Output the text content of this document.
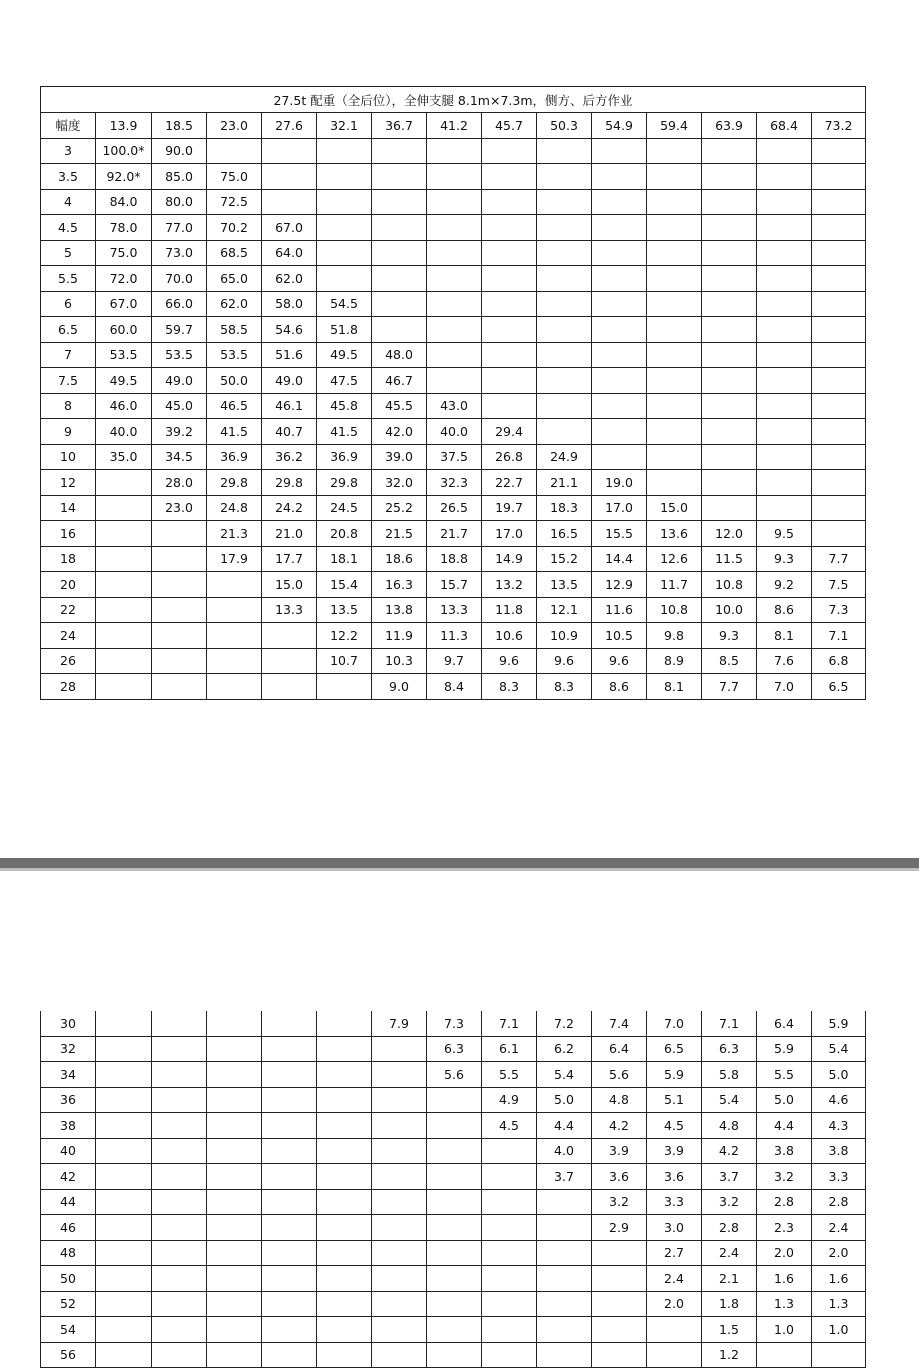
27.5t 配重（全后位），全伸支腿 8.1m×7.3m，侧方、后方作业														
幅度	13.9	18.5	23.0	27.6	32.1	36.7	41.2	45.7	50.3	54.9	59.4	63.9	68.4	73.2
3	100.0*	90.0												
3.5	92.0*	85.0	75.0											
4	84.0	80.0	72.5											
4.5	78.0	77.0	70.2	67.0										
5	75.0	73.0	68.5	64.0										
5.5	72.0	70.0	65.0	62.0										
6	67.0	66.0	62.0	58.0	54.5									
6.5	60.0	59.7	58.5	54.6	51.8									
7	53.5	53.5	53.5	51.6	49.5	48.0								
7.5	49.5	49.0	50.0	49.0	47.5	46.7								
8	46.0	45.0	46.5	46.1	45.8	45.5	43.0							
9	40.0	39.2	41.5	40.7	41.5	42.0	40.0	29.4						
10	35.0	34.5	36.9	36.2	36.9	39.0	37.5	26.8	24.9					
12		28.0	29.8	29.8	29.8	32.0	32.3	22.7	21.1	19.0				
14		23.0	24.8	24.2	24.5	25.2	26.5	19.7	18.3	17.0	15.0			
16			21.3	21.0	20.8	21.5	21.7	17.0	16.5	15.5	13.6	12.0	9.5	
18			17.9	17.7	18.1	18.6	18.8	14.9	15.2	14.4	12.6	11.5	9.3	7.7
20				15.0	15.4	16.3	15.7	13.2	13.5	12.9	11.7	10.8	9.2	7.5
22				13.3	13.5	13.8	13.3	11.8	12.1	11.6	10.8	10.0	8.6	7.3
24					12.2	11.9	11.3	10.6	10.9	10.5	9.8	9.3	8.1	7.1
26					10.7	10.3	9.7	9.6	9.6	9.6	8.9	8.5	7.6	6.8
28						9.0	8.4	8.3	8.3	8.6	8.1	7.7	7.0	6.5
30						7.9	7.3	7.1	7.2	7.4	7.0	7.1	6.4	5.9
32							6.3	6.1	6.2	6.4	6.5	6.3	5.9	5.4
34							5.6	5.5	5.4	5.6	5.9	5.8	5.5	5.0
36								4.9	5.0	4.8	5.1	5.4	5.0	4.6
38								4.5	4.4	4.2	4.5	4.8	4.4	4.3
40									4.0	3.9	3.9	4.2	3.8	3.8
42									3.7	3.6	3.6	3.7	3.2	3.3
44										3.2	3.3	3.2	2.8	2.8
46										2.9	3.0	2.8	2.3	2.4
48											2.7	2.4	2.0	2.0
50											2.4	2.1	1.6	1.6
52											2.0	1.8	1.3	1.3
54												1.5	1.0	1.0
56												1.2		
